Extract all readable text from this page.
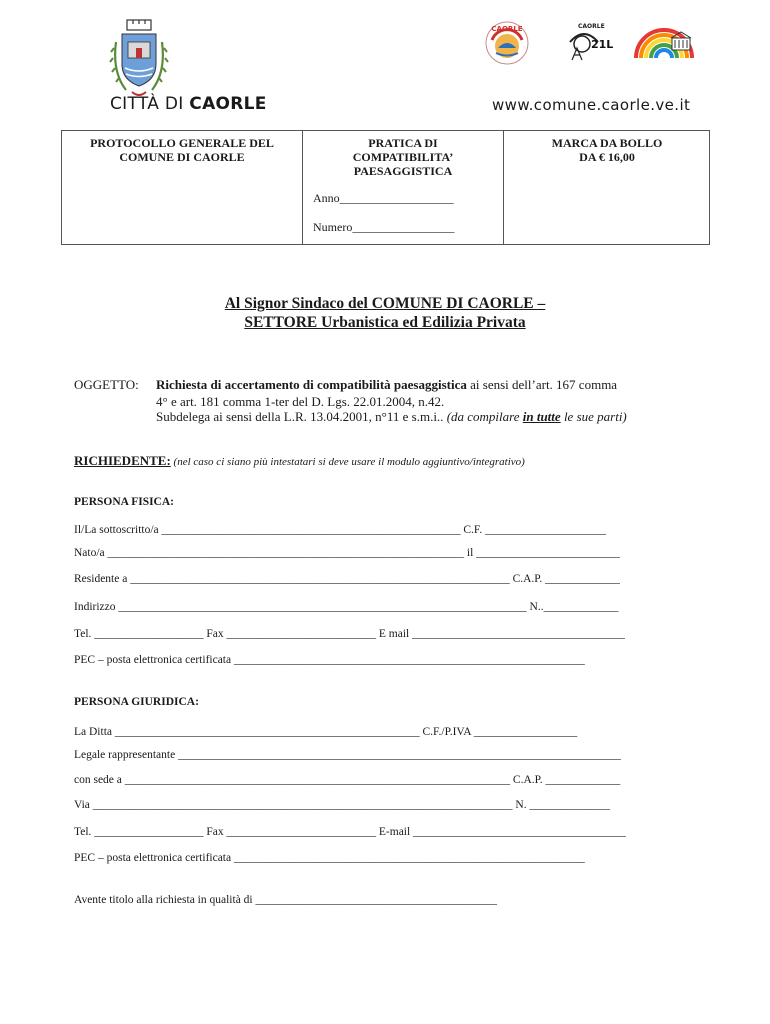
CITTÀ DI CAORLE	www.comune.caorle.ve.it
CAORLE	CAORLE
21L
PROTOCOLLO GENERALE DEL
COMUNE DI CAORLE
PRATICA DI
COMPATIBILITA’
PAESAGGISTICA
Anno___________________
Numero_________________
MARCA DA BOLLO
DA € 16,00
Al Signor Sindaco del COMUNE DI CAORLE –
SETTORE Urbanistica ed Edilizia Privata
OGGETTO: Richiesta di accertamento di compatibilità paesaggistica ai sensi dell’art. 167 comma
4° e art. 181 comma 1-ter del D. Lgs. 22.01.2004, n.42.
Subdelega ai sensi della L.R. 13.04.2001, n°11 e s.m.i.. (da compilare in tutte le sue parti)
RICHIEDENTE: (nel caso ci siano più intestatari si deve usare il modulo aggiuntivo/integrativo)
PERSONA FISICA:
Il/La sottoscritto/a ____________________________________________________ C.F. _____________________
Nato/a ______________________________________________________________ il _________________________
Residente a __________________________________________________________________ C.A.P. _____________
Indirizzo _______________________________________________________________________ N.._____________
Tel. ___________________ Fax __________________________ E mail _____________________________________
PEC – posta elettronica certificata _____________________________________________________________
PERSONA GIURIDICA:
La Ditta _____________________________________________________ C.F./P.IVA __________________
Legale rappresentante _____________________________________________________________________________
con sede a ___________________________________________________________________ C.A.P. _____________
Via _________________________________________________________________________ N. ______________
Tel. ___________________ Fax __________________________ E-mail _____________________________________
PEC – posta elettronica certificata _____________________________________________________________
Avente titolo alla richiesta in qualità di __________________________________________
